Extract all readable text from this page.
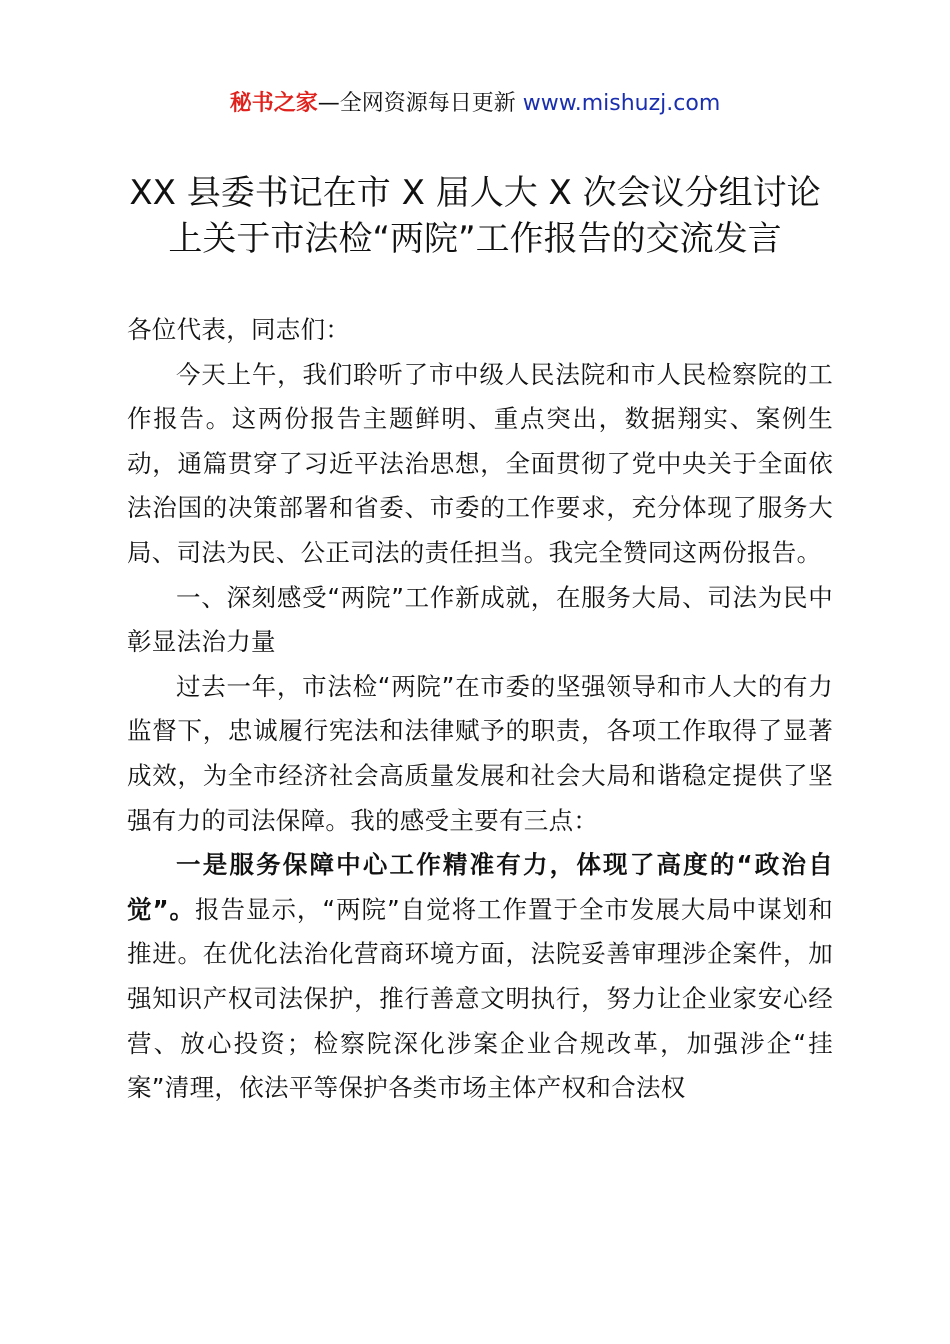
秘书之家—全网资源每日更新 www.mishuzj.com
XX 县委书记在市 X 届人大 X 次会议分组讨论
上关于市法检“两院”工作报告的交流发言

各位代表，同志们：

今天上午，我们聆听了市中级人民法院和市人民检察院的工作报告。这两份报告主题鲜明、重点突出，数据翔实、案例生动，通篇贯穿了习近平法治思想，全面贯彻了党中央关于全面依法治国的决策部署和省委、市委的工作要求，充分体现了服务大局、司法为民、公正司法的责任担当。我完全赞同这两份报告。

一、深刻感受“两院”工作新成就，在服务大局、司法为民中彰显法治力量

过去一年，市法检“两院”在市委的坚强领导和市人大的有力监督下，忠诚履行宪法和法律赋予的职责，各项工作取得了显著成效，为全市经济社会高质量发展和社会大局和谐稳定提供了坚强有力的司法保障。我的感受主要有三点：

一是服务保障中心工作精准有力，体现了高度的“政治自觉”。报告显示，“两院”自觉将工作置于全市发展大局中谋划和推进。在优化法治化营商环境方面，法院妥善审理涉企案件，加强知识产权司法保护，推行善意文明执行，努力让企业家安心经营、放心投资；检察院深化涉案企业合规改革，加强涉企“挂案”清理，依法平等保护各类市场主体产权和合法权
